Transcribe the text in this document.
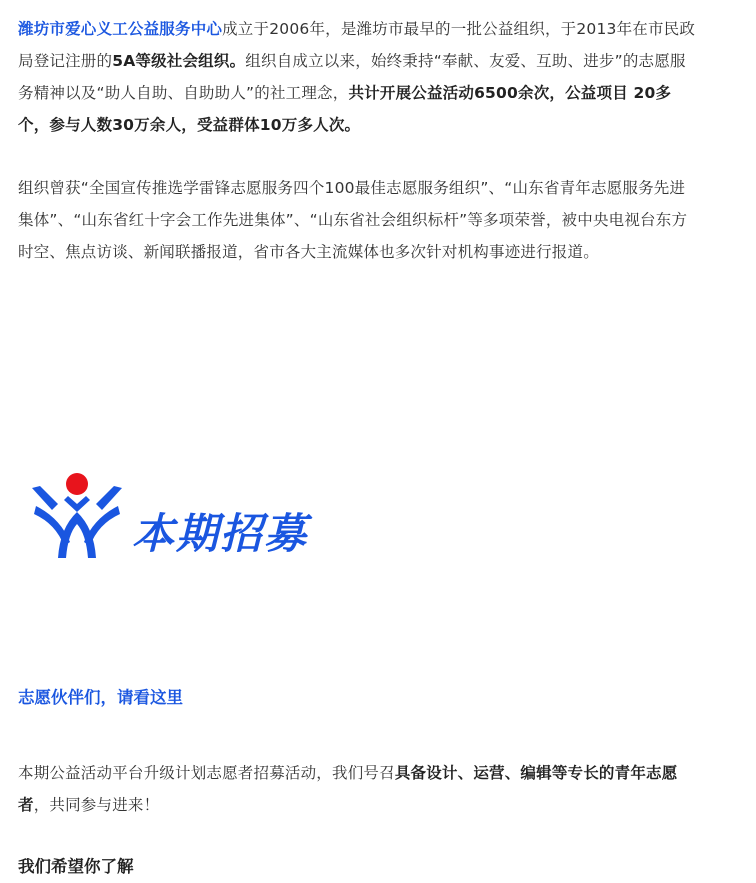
潍坊市爱心义工公益服务中心成立于2006年，是潍坊市最早的一批公益组织，于2013年在市民政局登记注册的5A等级社会组织。组织自成立以来，始终秉持“奉献、友爱、互助、进步”的志愿服务精神以及“助人自助、自助助人”的社工理念，共计开展公益活动6500余次，公益项目 20多个，参与人数30万余人，受益群体10万多人次。

组织曾获“全国宣传推选学雷锋志愿服务四个100最佳志愿服务组织”、“山东省青年志愿服务先进集体”、“山东省红十字会工作先进集体”、“山东省社会组织标杆”等多项荣誉，被中央电视台东方时空、焦点访谈、新闻联播报道，省市各大主流媒体也多次针对机构事迹进行报道。

本期招募
志愿伙伴们，请看这里

本期公益活动平台升级计划志愿者招募活动，我们号召具备设计、运营、编辑等专长的青年志愿者，共同参与进来！

我们希望你了解
